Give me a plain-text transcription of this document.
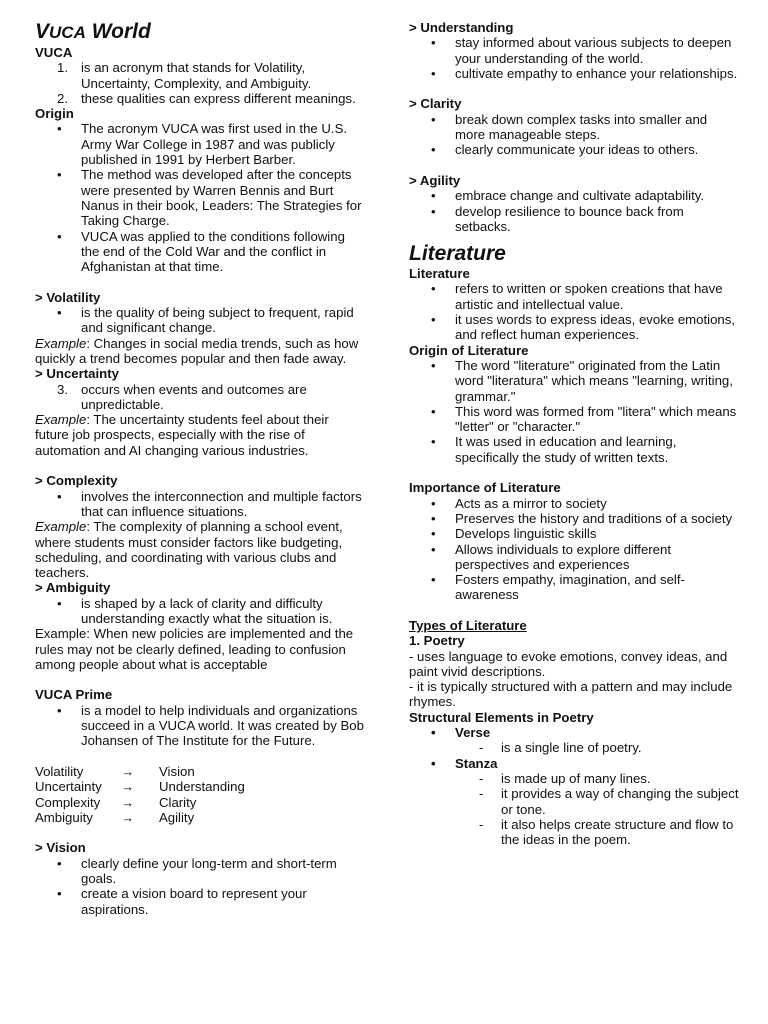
VUCA World

VUCA

1. is an acronym that stands for Volatility, Uncertainty, Complexity, and Ambiguity.
2. these qualities can express different meanings.

Origin

• The acronym VUCA was first used in the U.S. Army War College in 1987 and was publicly published in 1991 by Herbert Barber.
• The method was developed after the concepts were presented by Warren Bennis and Burt Nanus in their book, Leaders: The Strategies for Taking Charge.
• VUCA was applied to the conditions following the end of the Cold War and the conflict in Afghanistan at that time.

> Volatility

• is the quality of being subject to frequent, rapid and significant change.

Example: Changes in social media trends, such as how quickly a trend becomes popular and then fade away.

> Uncertainty

3. occurs when events and outcomes are unpredictable.

Example: The uncertainty students feel about their future job prospects, especially with the rise of automation and AI changing various industries.

> Complexity

• involves the interconnection and multiple factors that can influence situations.

Example: The complexity of planning a school event, where students must consider factors like budgeting, scheduling, and coordinating with various clubs and teachers.

> Ambiguity

• is shaped by a lack of clarity and difficulty understanding exactly what the situation is.

Example: When new policies are implemented and the rules may not be clearly defined, leading to confusion among people about what is acceptable

VUCA Prime

• is a model to help individuals and organizations succeed in a VUCA world. It was created by Bob Johansen of The Institute for the Future.
Volatility	→	Vision
Uncertainty	→	Understanding
Complexity	→	Clarity
Ambiguity	→	Agility

> Vision

• clearly define your long-term and short-term goals.
• create a vision board to represent your aspirations.

> Understanding

• stay informed about various subjects to deepen your understanding of the world.
• cultivate empathy to enhance your relationships.

> Clarity

• break down complex tasks into smaller and more manageable steps.
• clearly communicate your ideas to others.

> Agility

• embrace change and cultivate adaptability.
• develop resilience to bounce back from setbacks.
Literature

Literature

• refers to written or spoken creations that have artistic and intellectual value.
• it uses words to express ideas, evoke emotions, and reflect human experiences.

Origin of Literature

• The word "literature" originated from the Latin word "literatura" which means "learning, writing, grammar."
• This word was formed from "litera" which means "letter" or "character."
• It was used in education and learning, specifically the study of written texts.

Importance of Literature

• Acts as a mirror to society
• Preserves the history and traditions of a society
• Develops linguistic skills
• Allows individuals to explore different perspectives and experiences
• Fosters empathy, imagination, and self-awareness

Types of Literature

1. Poetry

- uses language to evoke emotions, convey ideas, and paint vivid descriptions.

- it is typically structured with a pattern and may include rhymes.

Structural Elements in Poetry

• Verse
- is a single line of poetry.
• Stanza
- is made up of many lines.
- it provides a way of changing the subject or tone.
- it also helps create structure and flow to the ideas in the poem.
